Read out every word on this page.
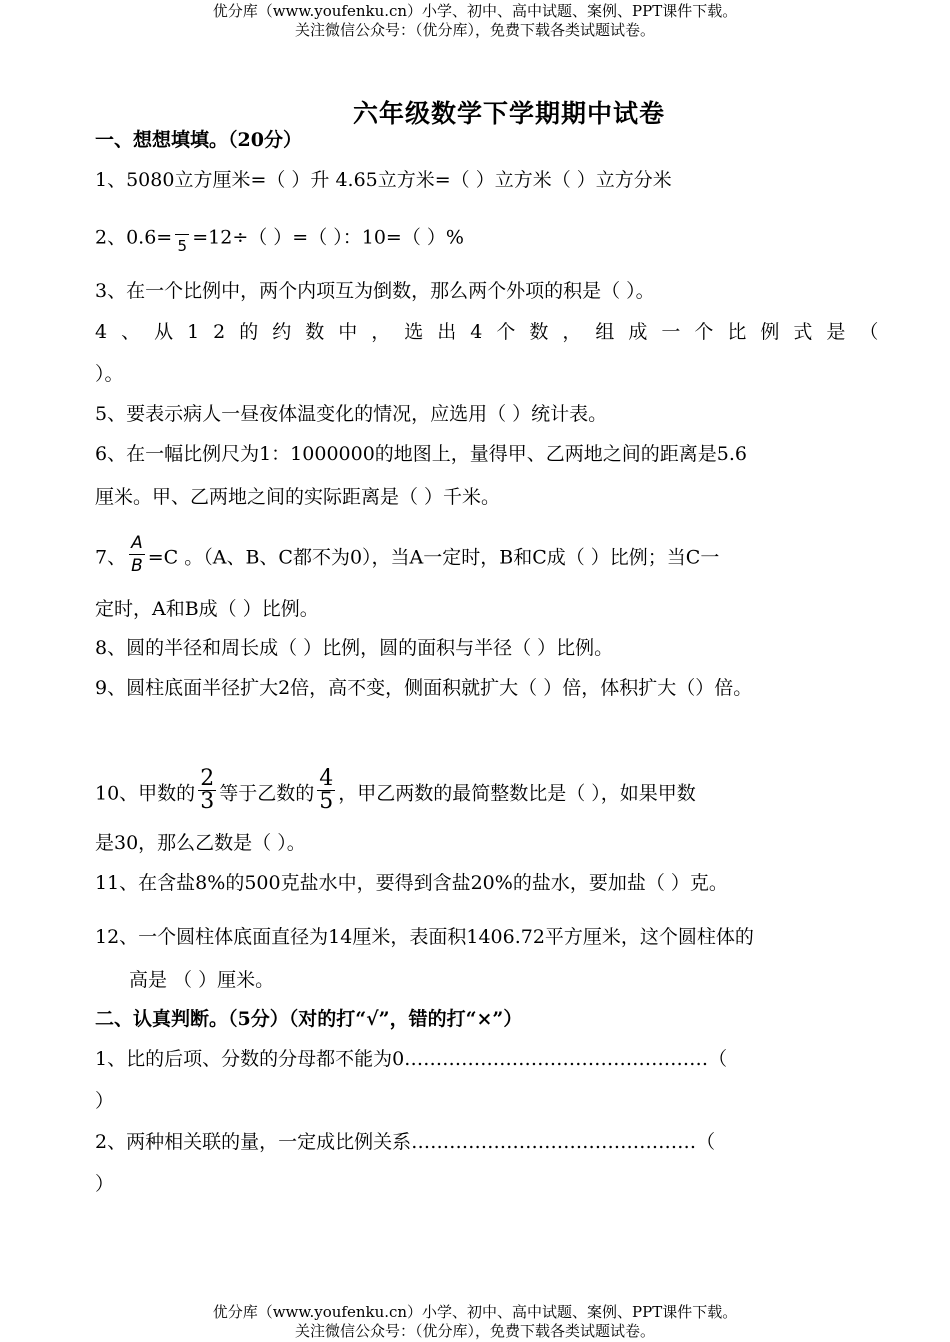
优分库（www.youfenku.cn）小学、初中、高中试题、案例、PPT课件下载。
关注微信公众号：（优分库），免费下载各类试题试卷。
六年级数学下学期期中试卷
一、想想填填。（20分）
1、5080立方厘米=（ ）升 4.65立方米=（ ）立方米（ ）立方分米
2、0.6=
5 =12÷（ ）=（ ）：10=（ ）%
3、在一个比例中，两个内项互为倒数，那么两个外项的积是（ ）。
4、从12的约数中，选出4个数，组成一个比例式是（
）。
5、要表示病人一昼夜体温变化的情况，应选用（ ）统计表。
6、在一幅比例尺为1：1000000的地图上，量得甲、乙两地之间的距离是5.6
厘米。甲、乙两地之间的实际距离是（ ）千米。
7、 $\frac{A}{B} =C$ 。（A、B、C都不为0），当A一定时，B和C成（ ）比例；当C一
定时，A和B成（ ）比例。
8、圆的半径和周长成（ ）比例，圆的面积与半径（ ）比例。
9、圆柱底面半径扩大2倍，高不变，侧面积就扩大（ ）倍，体积扩大（）倍。
10、甲数的 $\frac{2}{3}$ 等于乙数的 $\frac{4}{5}$ ，甲乙两数的最简整数比是（ ），如果甲数
是30，那么乙数是（ ）。
11、在含盐8%的500克盐水中，要得到含盐20%的盐水，要加盐（ ）克。
12、一个圆柱体底面直径为14厘米，表面积1406.72平方厘米，这个圆柱体的
高是 （ ）厘米。
二、认真判断。（5分）（对的打“√”，错的打“×”）
1、比的后项、分数的分母都不能为0…………………………………………（
）
2、两种相关联的量，一定成比例关系………………………………………（
）
优分库（www.youfenku.cn）小学、初中、高中试题、案例、PPT课件下载。
关注微信公众号：（优分库），免费下载各类试题试卷。
